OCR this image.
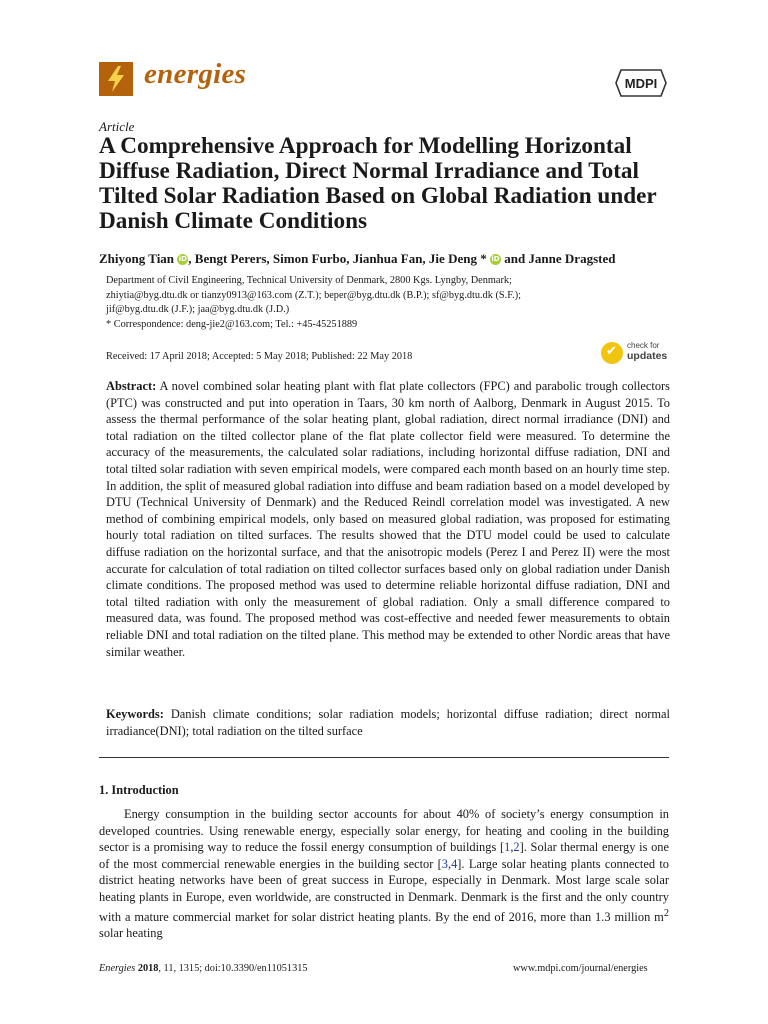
energies	MDPI
Article
A Comprehensive Approach for Modelling Horizontal Diffuse Radiation, Direct Normal Irradiance and Total Tilted Solar Radiation Based on Global Radiation under Danish Climate Conditions
Zhiyong Tian iD, Bengt Perers, Simon Furbo, Jianhua Fan, Jie Deng * iD and Janne Dragsted
Department of Civil Engineering, Technical University of Denmark, 2800 Kgs. Lyngby, Denmark;
zhiytia@byg.dtu.dk or tianzy0913@163.com (Z.T.); beper@byg.dtu.dk (B.P.); sf@byg.dtu.dk (S.F.);
jif@byg.dtu.dk (J.F.); jaa@byg.dtu.dk (J.D.)
* Correspondence: deng-jie2@163.com; Tel.: +45-45251889
Received: 17 April 2018; Accepted: 5 May 2018; Published: 22 May 2018	✔ check for
updates
Abstract: A novel combined solar heating plant with flat plate collectors (FPC) and parabolic trough collectors (PTC) was constructed and put into operation in Taars, 30 km north of Aalborg, Denmark in August 2015. To assess the thermal performance of the solar heating plant, global radiation, direct normal irradiance (DNI) and total radiation on the tilted collector plane of the flat plate collector field were measured. To determine the accuracy of the measurements, the calculated solar radiations, including horizontal diffuse radiation, DNI and total tilted solar radiation with seven empirical models, were compared each month based on an hourly time step. In addition, the split of measured global radiation into diffuse and beam radiation based on a model developed by DTU (Technical University of Denmark) and the Reduced Reindl correlation model was investigated. A new method of combining empirical models, only based on measured global radiation, was proposed for estimating hourly total radiation on tilted surfaces. The results showed that the DTU model could be used to calculate diffuse radiation on the horizontal surface, and that the anisotropic models (Perez I and Perez II) were the most accurate for calculation of total radiation on tilted collector surfaces based only on global radiation under Danish climate conditions. The proposed method was used to determine reliable horizontal diffuse radiation, DNI and total tilted radiation with only the measurement of global radiation. Only a small difference compared to measured data, was found. The proposed method was cost-effective and needed fewer measurements to obtain reliable DNI and total radiation on the tilted plane. This method may be extended to other Nordic areas that have similar weather.
Keywords: Danish climate conditions; solar radiation models; horizontal diffuse radiation; direct normal irradiance(DNI); total radiation on the tilted surface
1. Introduction
Energy consumption in the building sector accounts for about 40% of society’s energy consumption in developed countries. Using renewable energy, especially solar energy, for heating and cooling in the building sector is a promising way to reduce the fossil energy consumption of buildings [1,2]. Solar thermal energy is one of the most commercial renewable energies in the building sector [3,4]. Large solar heating plants connected to district heating networks have been of great success in Europe, especially in Denmark. Most large scale solar heating plants in Europe, even worldwide, are constructed in Denmark. Denmark is the first and the only country with a mature commercial market for solar district heating plants. By the end of 2016, more than 1.3 million $m^2$ solar heating
Energies 2018, 11, 1315; doi:10.3390/en11051315	www.mdpi.com/journal/energies
